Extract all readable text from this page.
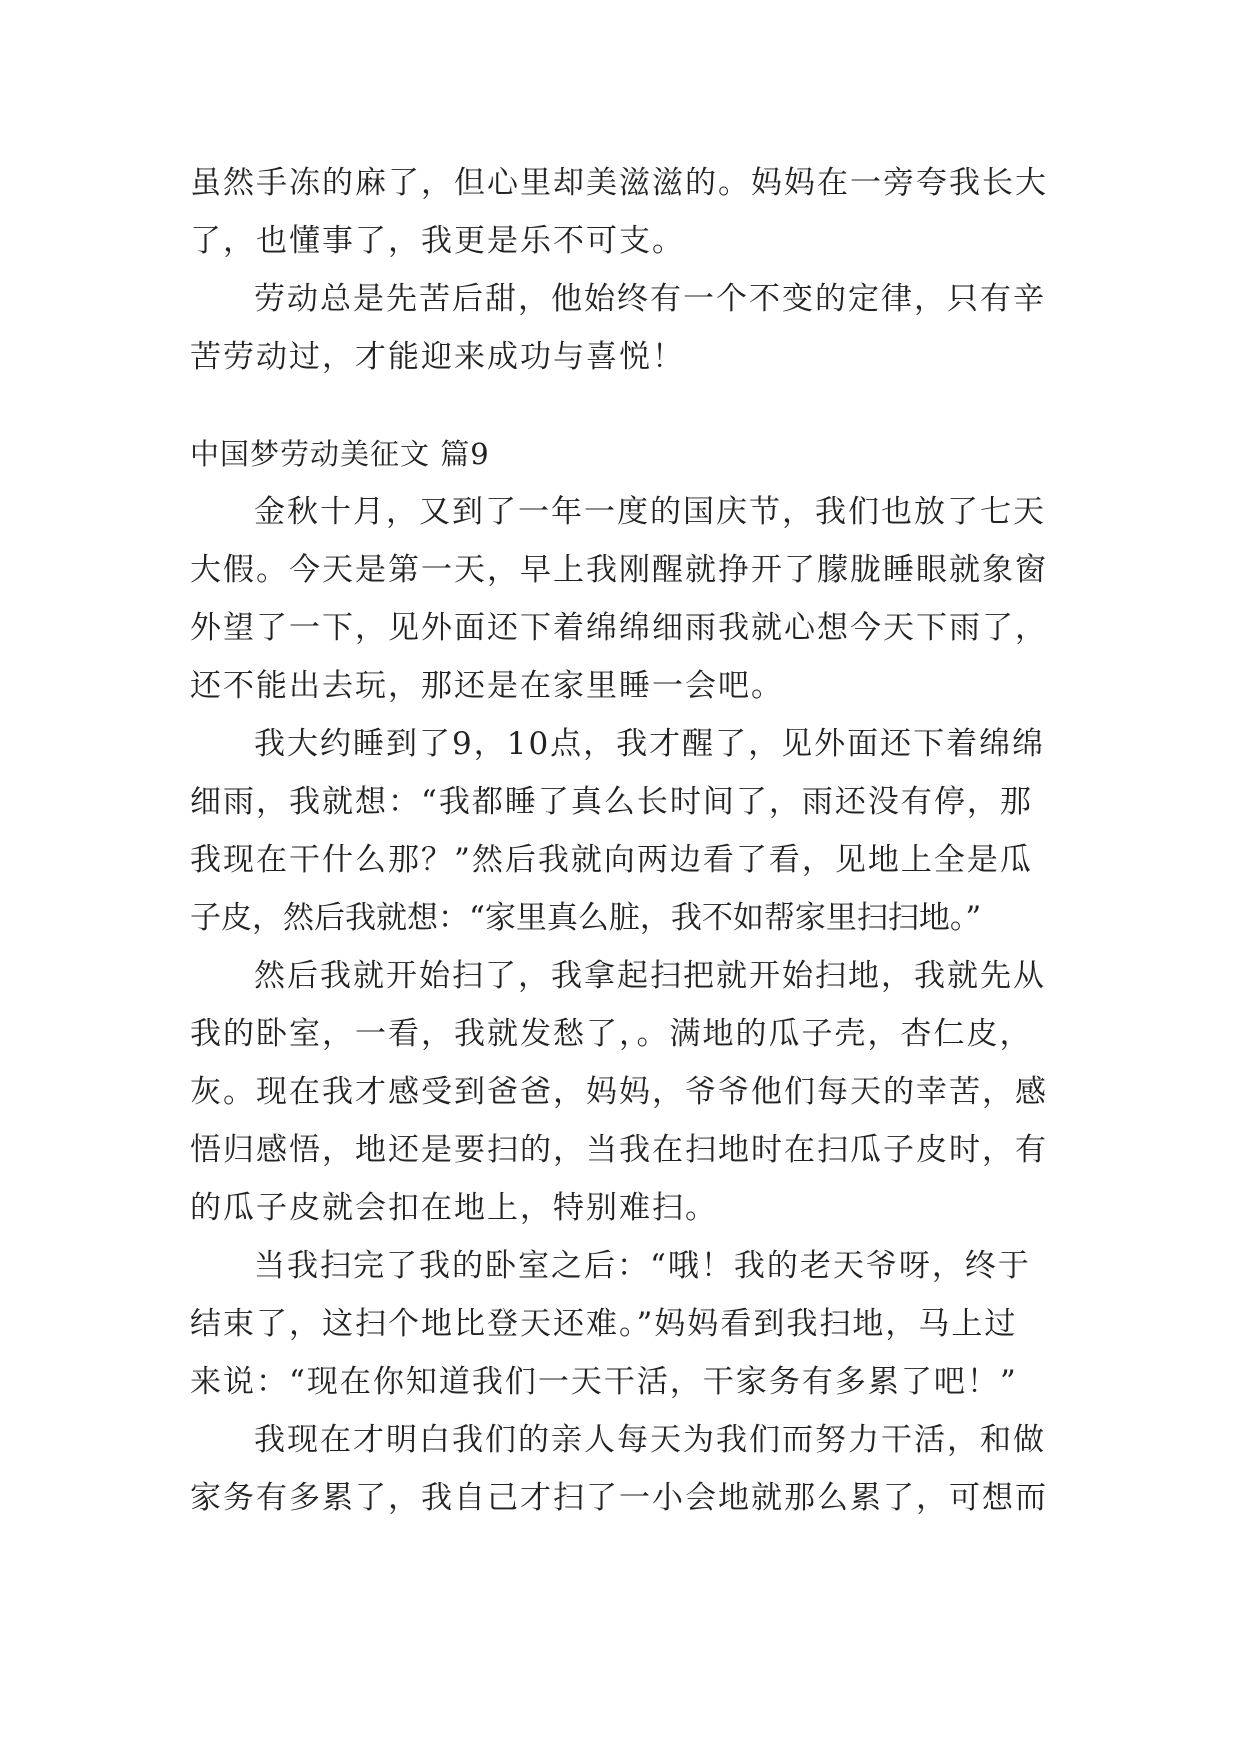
虽然手冻的麻了，但心里却美滋滋的。妈妈在一旁夸我长大
了，也懂事了，我更是乐不可支。
劳动总是先苦后甜，他始终有一个不变的定律，只有辛
苦劳动过，才能迎来成功与喜悦！
中国梦劳动美征文 篇9
金秋十月，又到了一年一度的国庆节，我们也放了七天
大假。今天是第一天，早上我刚醒就挣开了朦胧睡眼就象窗
外望了一下，见外面还下着绵绵细雨我就心想今天下雨了，
还不能出去玩，那还是在家里睡一会吧。
我大约睡到了9，10点，我才醒了，见外面还下着绵绵
细雨，我就想：“我都睡了真么长时间了，雨还没有停，那
我现在干什么那？”然后我就向两边看了看，见地上全是瓜
子皮，然后我就想：“家里真么脏，我不如帮家里扫扫地。”
然后我就开始扫了，我拿起扫把就开始扫地，我就先从
我的卧室，一看，我就发愁了，。满地的瓜子壳，杏仁皮，
灰。现在我才感受到爸爸，妈妈，爷爷他们每天的幸苦，感
悟归感悟，地还是要扫的，当我在扫地时在扫瓜子皮时，有
的瓜子皮就会扣在地上，特别难扫。
当我扫完了我的卧室之后：“哦！我的老天爷呀，终于
结束了，这扫个地比登天还难。”妈妈看到我扫地，马上过
来说：“现在你知道我们一天干活，干家务有多累了吧！”
我现在才明白我们的亲人每天为我们而努力干活，和做
家务有多累了，我自己才扫了一小会地就那么累了，可想而
